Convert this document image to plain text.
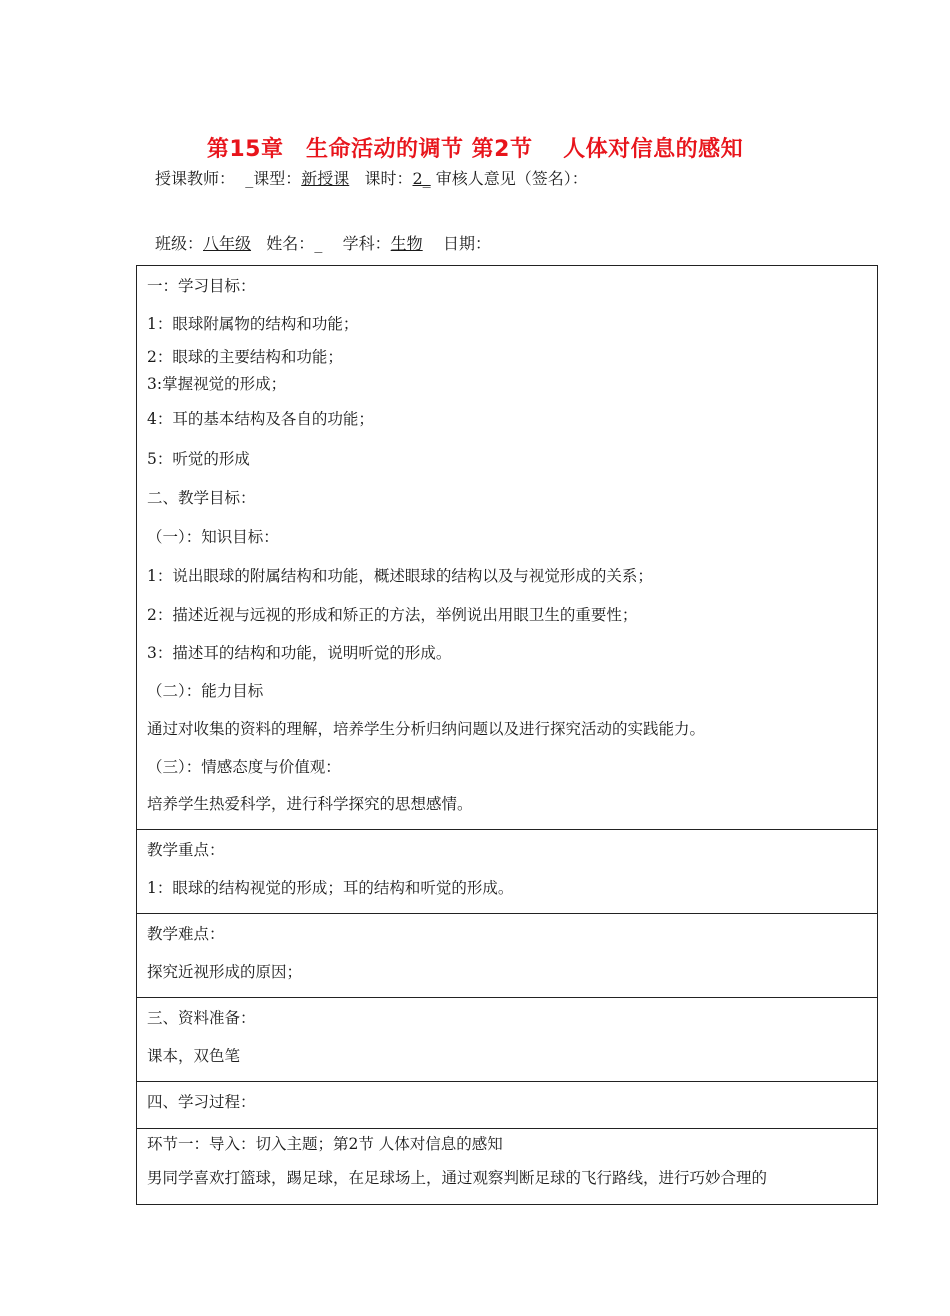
第15章　生命活动的调节 第2节　 人体对信息的感知
授课教师： _课型：新授课 课时：2_ 审核人意见（签名）：
班级：八年级 姓名：_ 学科：生物 日期：
一：学习目标：
1：眼球附属物的结构和功能；
2：眼球的主要结构和功能；
3:掌握视觉的形成；
4：耳的基本结构及各自的功能；
5：听觉的形成
二、教学目标：
（一）：知识目标：
1：说出眼球的附属结构和功能，概述眼球的结构以及与视觉形成的关系；
2：描述近视与远视的形成和矫正的方法，举例说出用眼卫生的重要性；
3：描述耳的结构和功能，说明听觉的形成。
（二）：能力目标
通过对收集的资料的理解，培养学生分析归纳问题以及进行探究活动的实践能力。
（三）：情感态度与价值观：
培养学生热爱科学，进行科学探究的思想感情。

教学重点：
1：眼球的结构视觉的形成；耳的结构和听觉的形成。

教学难点：
探究近视形成的原因；

三、资料准备：
课本，双色笔

四、学习过程：

环节一：导入：切入主题；第2节 人体对信息的感知
男同学喜欢打篮球，踢足球，在足球场上，通过观察判断足球的飞行路线，进行巧妙合理的
